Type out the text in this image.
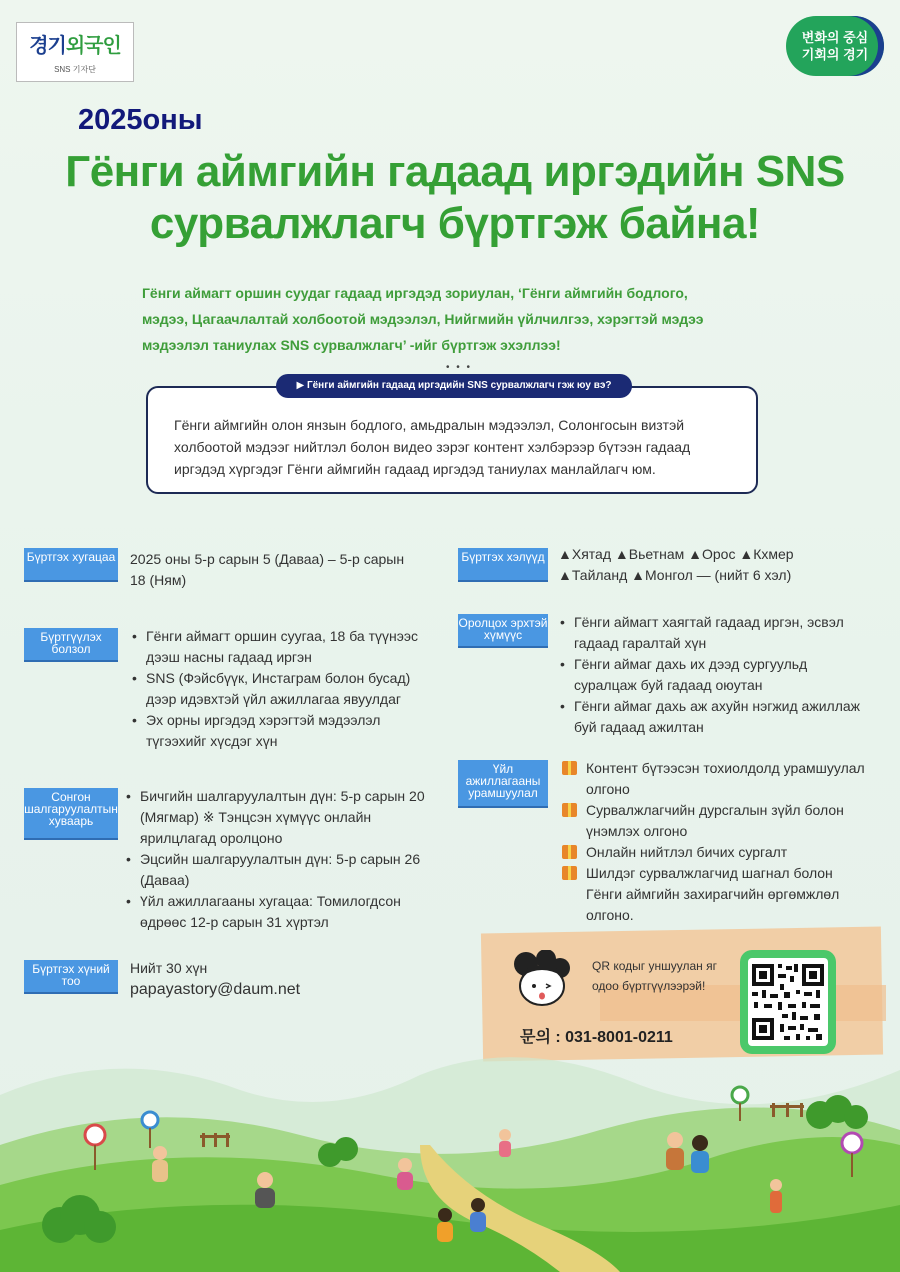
경기외국인
SNS 기자단
변화의 중심
기회의 경기
2025оны
Гёнги аймгийн гадаад иргэдийн SNS
сурвалжлагч бүртгэж байна!
Гёнги аймагт оршин суудаг гадаад иргэдэд зориулан, ‘Гёнги аймгийн бодлого,
мэдээ, Цагаачлалтай холбоотой мэдээлэл, Нийгмийн үйлчилгээ, хэрэгтэй мэдээ
мэдээлэл таниулах SNS сурвалжлагч’ -ийг бүртгэж эхэллээ!
• • •
Гёнги аймгийн олон янзын бодлого, амьдралын мэдээлэл, Солонгосын визтэй
холбоотой мэдээг нийтлэл болон видео зэрэг контент хэлбэрээр бүтээн гадаад
иргэдэд хүргэдэг Гёнги аймгийн гадаад иргэдэд таниулах манлайлагч юм.
▶ Гёнги аймгийн гадаад иргэдийн SNS сурвалжлагч гэж юу вэ?
Бүртгэх хугацаа 2025 оны 5-р сарын 5 (Даваа) – 5-р сарын
18 (Ням)
Бүртгүүлэх болзол
• Гёнги аймагт оршин суугаа, 18 ба түүнээс
дээш насны гадаад иргэн
• SNS (Фэйсбүүк, Инстаграм болон бусад)
дээр идэвхтэй үйл ажиллагаа явуулдаг
• Эх орны иргэдэд хэрэгтэй мэдээлэл
түгээхийг хүсдэг хүн
Сонгон шалгаруулалтын хуваарь
• Бичгийн шалгаруулалтын дүн: 5-р сарын 20
(Мягмар) ※ Тэнцсэн хүмүүс онлайн
ярилцлагад оролцоно
• Эцсийн шалгаруулалтын дүн: 5-р сарын 26
(Даваа)
• Үйл ажиллагааны хугацаа: Томилогдсон
өдрөөс 12-р сарын 31 хүртэл
Бүртгэх хүний тоо
Нийт 30 хүн
papayastory@daum.net
Бүртгэх хэлүүд ▲Хятад ▲Вьетнам ▲Орос ▲Кхмер
▲Тайланд ▲Монгол — (нийт 6 хэл)
Оролцох эрхтэй хүмүүс
• Гёнги аймагт хаягтай гадаад иргэн, эсвэл
гадаад гаралтай хүн
• Гёнги аймаг дахь их дээд сургуульд
суралцаж буй гадаад оюутан
• Гёнги аймаг дахь аж ахуйн нэгжид ажиллаж
буй гадаад ажилтан
Үйл ажиллагааны урамшуулал
Контент бүтээсэн тохиолдолд урамшуулал
олгоно
Сурвалжлагчийн дурсгалын зүйл болон
үнэмлэх олгоно
Онлайн нийтлэл бичих сургалт
Шилдэг сурвалжлагчид шагнал болон
Гёнги аймгийн захирагчийн өргөмжлөл
олгоно.
QR кодыг уншуулан яг
одоо бүртгүүлээрэй!
문의 : 031-8001-0211
